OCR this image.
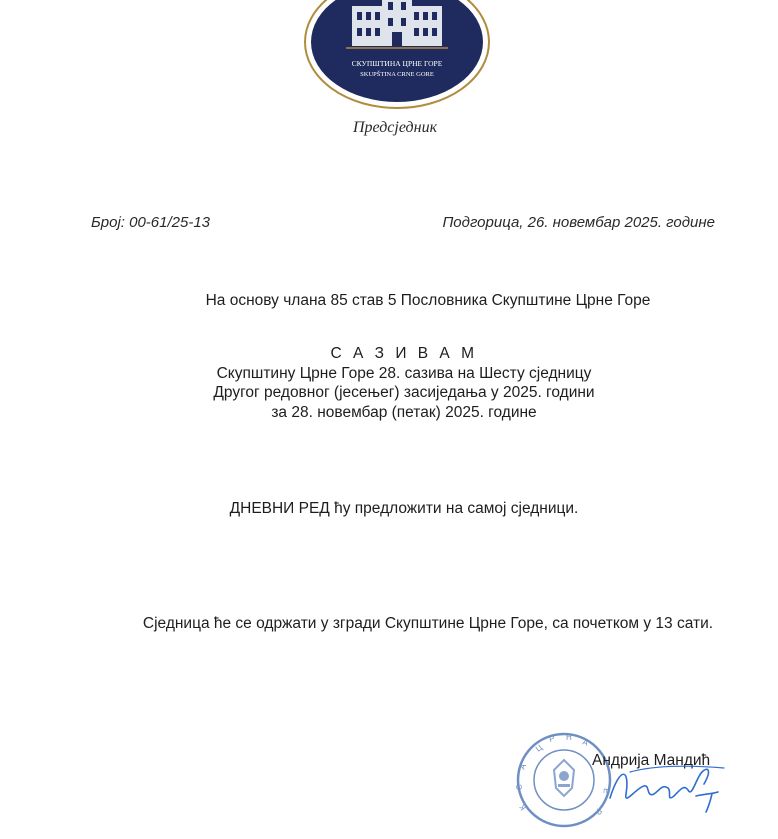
СКУПШТИНА ЦРНЕ ГОРЕ
SKUPŠTINA CRNE GORE
Предсједник
Број: 00-61/25-13	Подгорица, 26. новембар 2025. године
На основу члана 85 став 5 Пословника Скупштине Црне Горе
С А З И В А М
Скупштину Црне Горе 28. сазива на Шесту сједницу
Другог редовног (јесењег) засиједања у 2025. години
за 28. новембар (петак) 2025. године
ДНЕВНИ РЕД ћу предложити на самој сједници.
Сједница ће се одржати у згради Скупштине Црне Горе, са почетком у 13 сати.
Ц
Р Н А
А
С
К	Р
Е
Андрија Мандић
